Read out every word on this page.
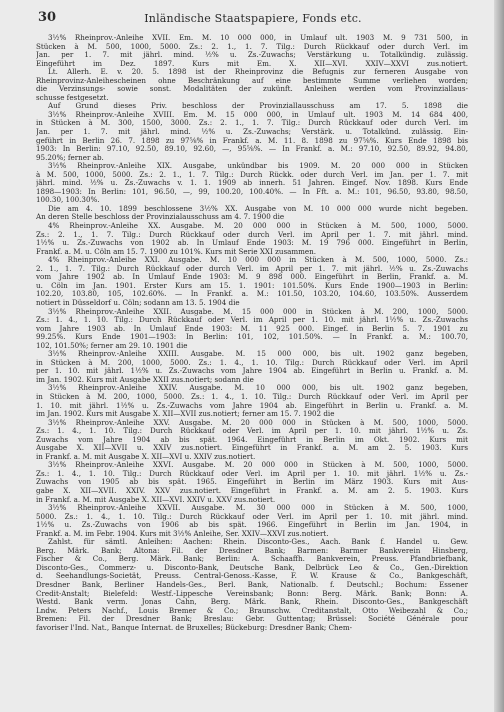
30	Inländische Staatspapiere, Fonds etc.
3½% Rheinprov.-Anleihe XVII. Em. M. 10 000 000, in Umlauf ult. 1903 M. 9 731 500, in
Stücken à M. 500, 1000, 5000. Zs.: 2. 1., 1. 7. Tilg.: Durch Rückkauf oder durch Verl. im
Jan. per 1. 7. mit jährl. mind. ½% u. Zs.-Zuwachs; Verstärkung u. Totalkündig. zulässig.
Eingeführt im Dez. 1897. Kurs mit Em. X. XII—XVI. XXIV—XXVI zus.notiert.
Lt. Allerh. E. v. 20. 5. 1898 ist der Rheinprovinz die Befugnis zur ferneren Ausgabe von
Rheinprovinz-Anleihescheinen ohne Beschränkung auf eine bestimmte Summe verliehen worden;
die Verzinsungs- sowie sonst. Modalitäten der zukünft. Anleihen werden vom Provinziallaus-
schusse festgesetzt.
Auf Grund dieses Priv. beschloss der Provinziallausschuss am 17. 5. 1898 die
3½% Rheinprov.-Anleihe XVIII. Em. M. 15 000 000, in Umlauf ult. 1903 M. 14 684 400,
in Stücken à M. 300, 1500, 3000. Zs.: 2. 1., 1. 7. Tilg.: Durch Rückkauf oder durch Verl. im
Jan. per 1. 7. mit jährl. mind. ½% u. Zs.-Zuwachs; Verstärk. u. Totalkünd. zulässig. Ein-
geführt in Berlin 26. 7. 1898 zu 97⅝% in Frankf. a. M. 11. 8. 1898 zu 97⅝%. Kurs Ende 1898 bis
1903: In Berlin: 97.10, 92.50, 89.10, 92.60, —, 95⅝%. — In Frankf. a. M.: 97.10, 92.50, 89.92, 94.80,
95.20%; ferner ab.
3½% Rheinprov.-Anleihe XIX. Ausgabe, unkündbar bis 1909. M. 20 000 000 in Stücken
à M. 500, 1000, 5000. Zs.: 2. 1., 1. 7. Tilg.: Durch Rückk. oder durch Verl. im Jan. per 1. 7. mit
jährl. mind. ½% u. Zs.-Zuwachs v. 1. 1. 1909 ab innerh. 51 Jahren. Eingef. Nov. 1898. Kurs Ende
1898—1903: In Berlin: 101, 96.50, —, 99, 100.20, 100.40%. — In Fft. a. M.: 101, 96.50, 93.80, 98.50,
100.30, 100.30%.
Die am 4. 10. 1899 beschlossene 3½% XX. Ausgabe von M. 10 000 000 wurde nicht begeben.
An deren Stelle beschloss der Provinzialausschuss am 4. 7. 1900 die
4% Rheinprov.-Anleihe XX. Ausgabe. M. 20 000 000 in Stücken à M. 500, 1000, 5000.
Zs.: 2. 1., 1. 7. Tilg.: Durch Rückkauf oder durch Verl. im April per 1. 7. mit jährl. mind.
1½% u. Zs.-Zuwachs von 1902 ab. In Umlauf Ende 1903: M. 19 796 000. Eingeführt in Berlin,
Frankf. a. M. u. Cöln am 15. 7. 1900 zu 101%. Kurs mit Serie XXI zusammen.
4% Rheinprov.-Anleihe XXI. Ausgabe. M. 10 000 000 in Stücken à M. 500, 1000, 5000. Zs.:
2. 1., 1. 7. Tilg.: Durch Rückkauf oder durch Verl. im April per 1. 7. mit jährl. ½% u. Zs.-Zuwachs
vom Jahre 1902 ab. In Umlauf Ende 1903: M. 9 898 000. Eingeführt in Berlin, Frankf. a. M.
u. Cöln im Jan. 1901. Erster Kurs am 15. 1. 1901: 101.50%. Kurs Ende 1900—1903 in Berlin:
102.20, 103.80, 105, 102.60%. — In Frankf. a. M.: 101.50, 103.20, 104.60, 103.50%. Ausserdem
notiert in Düsseldorf u. Cöln; sodann am 13. 5. 1904 die
3½% Rheinprov.-Anleihe XXII. Ausgabe. M. 15 000 000 in Stücken à M. 200, 1000, 5000.
Zs.: 1. 4., 1. 10. Tilg.: Durch Rückkauf oder Verl. im April per 1. 10. mit jährl. 1½% u. Zs.-Zuwachs
vom Jahre 1903 ab. In Umlauf Ende 1903: M. 11 925 000. Eingef. in Berlin 5. 7. 1901 zu
99.25%. Kurs Ende 1901—1903: In Berlin: 101, 102, 101.50%. — In Frankf. a. M.: 100.70,
102, 101.50%; ferner am 29. 10. 1901 die
3½% Rheinprov.-Anleihe XXIII. Ausgabe. M. 15 000 000, bis ult. 1902 ganz begeben,
in Stücken à M. 200, 1000, 5000. Zs.: 1. 4., 1. 10. Tilg.: Durch Rückkauf oder Verl. im April
per 1. 10. mit jährl. 1½% u. Zs.-Zuwachs vom Jahre 1904 ab. Eingeführt in Berlin u. Frankf. a. M.
im Jan. 1902. Kurs mit Ausgabe XXII zus.notiert; sodann die
3½% Rheinprov.-Anleihe XXIV. Ausgabe. M. 10 000 000, bis ult. 1902 ganz begeben,
in Stücken à M. 200, 1000, 5000. Zs.: 1. 4., 1. 10. Tilg.: Durch Rückkauf oder Verl. im April per
1. 10. mit jährl. 1½% u. Zs.-Zuwachs vom Jahre 1904 ab. Eingeführt in Berlin u. Frankf. a. M.
im Jan. 1902. Kurs mit Ausgabe X. XII—XVII zus.notiert; ferner am 15. 7. 1902 die
3½% Rheinprov.-Anleihe XXV. Ausgabe. M. 20 000 000 in Stücken à M. 500, 1000, 5000.
Zs.: 1. 4., 1. 10. Tilg.: Durch Rückkauf oder Verl. im April per 1. 10. mit jährl. 1½% u. Zs.
Zuwachs vom Jahre 1904 ab bis spät. 1964. Eingeführt in Berlin im Okt. 1902. Kurs mit
Ausgabe X. XII—XVII u. XXIV zus.notiert. Eingeführt in Frankf. a. M. am 2. 5. 1903. Kurs
in Frankf. a. M. mit Ausgabe X. XII—XVI u. XXIV zus.notiert.
3½% Rheinprov.-Anleihe XXVI. Ausgabe. M. 20 000 000 in Stücken à M. 500, 1000, 5000.
Zs.: 1. 4., 1. 10. Tilg.: Durch Rückkauf oder Verl. im April per 1. 10. mit jährl. 1½% u. Zs.-
Zuwachs von 1905 ab bis spät. 1965. Eingeführt in Berlin im März 1903. Kurs mit Aus-
gabe X. XII—XVII. XXIV. XXV zus.notiert. Eingeführt in Frankf. a. M. am 2. 5. 1903. Kurs
in Frankf. a. M. mit Ausgabe X. XII—XVI. XXIV u. XXV zus.notiert.
3½% Rheinprov.-Anleihe XXVII. Ausgabe. M. 30 000 000 in Stücken à M. 500, 1000,
5000. Zs.: 1. 4., 1. 10. Tilg.: Durch Rückkauf oder Verl. im April per 1. 10. mit jährl. mind.
1½% u. Zs.-Zuwachs von 1906 ab bis spät. 1966. Eingeführt in Berlin im Jan. 1904, in
Frankf. a. M. im Febr. 1904. Kurs mit 3½% Anleihe, Ser. XXIV—XXVI zus.notiert.
Zahlst. für sämtl. Anleihen: Aachen: Rhein. Disconto-Ges., Aach. Bank f. Handel u. Gew.
Berg. Märk. Bank; Altona: Fil. der Dresdner Bank; Barmen: Barmer Bankverein Hinsberg,
Fischer & Co., Berg. Märk. Bank; Berlin: A. Schaaffh. Bankverein, Preuss. Pfandbriefbank,
Disconto-Ges., Commerz- u. Disconto-Bank, Deutsche Bank, Delbrück Leo & Co., Gen.-Direktion
d. Seehandlungs-Societät, Preuss. Central-Genoss.-Kasse, F. W. Krause & Co., Bankgeschäft,
Dresdner Bank, Berliner Handels-Ges., Berl. Bank, Nationalb. f. Deutschl.; Bochum: Essener
Credit-Anstalt; Bielefeld: Westf.-Lippesche Vereinsbank; Bonn: Berg. Märk. Bank; Bonn: A.
Westd. Bank verm. Jonas Cahn, Berg. Märk. Bank, Rhein. Disconto-Ges., Bankgeschäft
Lndw. Peters Nachf., Louis Bremer & Co.; Braunschw. Creditanstalt, Otto Weibezahl & Co.;
Bremen: Fil. der Dresdner Bank; Breslau: Gebr. Guttentag; Brüssel: Société Générale pour
favoriser l'Ind. Nat., Banque Internat. de Bruxelles; Bückeburg: Dresdner Bank; Chem-
